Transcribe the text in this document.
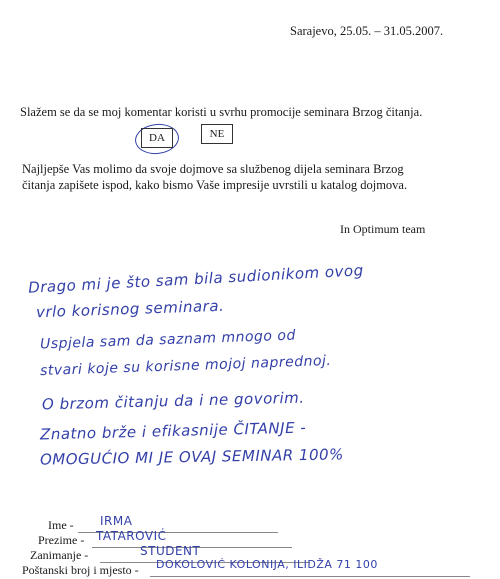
Sarajevo, 25.05. – 31.05.2007.
Slažem se da se moj komentar koristi u svrhu promocije seminara Brzog čitanja.
DA	NE
Najljepše Vas molimo da svoje dojmove sa službenog dijela seminara Brzog
čitanja zapišete ispod, kako bismo Vaše impresije uvrstili u katalog dojmova.
In Optimum team
Drago mi je što sam bila sudionikom ovog
vrlo korisnog seminara.
Uspjela sam da saznam mnogo od
stvari koje su korisne mojoj naprednoj.
O brzom čitanju da i ne govorim.
Znatno brže i efikasnije ČITANJE -
OMOGUĆIO MI JE OVAJ SEMINAR 100%
Ime - IRMA
Prezime - TATAROVIĆ
Zanimanje -	STUDENT
Poštanski broj i mjesto - DOKOLOVIĆ KOLONIJA, ILIDŽA 71 100
